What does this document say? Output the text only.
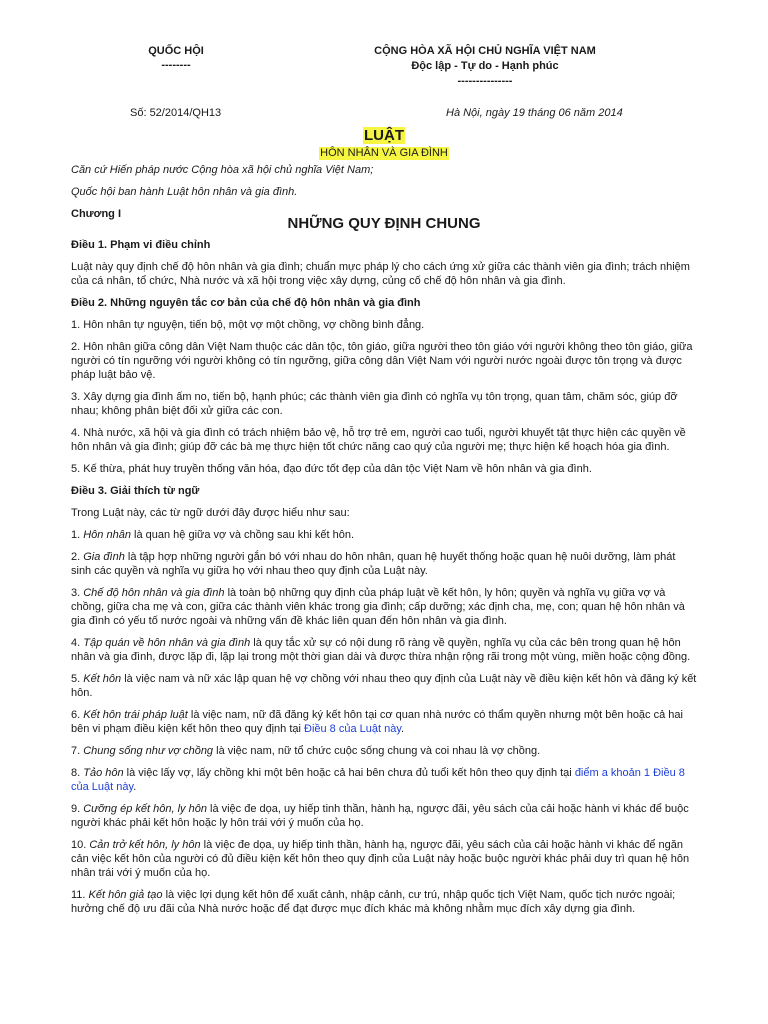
QUỐC HỘI
--------
CỘNG HÒA XÃ HỘI CHỦ NGHĨA VIỆT NAM
Độc lập - Tự do - Hạnh phúc
---------------
Số: 52/2014/QH13	Hà Nội, ngày 19 tháng 06 năm 2014
LUẬT
HÔN NHÂN VÀ GIA ĐÌNH

Căn cứ Hiến pháp nước Cộng hòa xã hội chủ nghĩa Việt Nam;

Quốc hội ban hành Luật hôn nhân và gia đình.

Chương I

NHỮNG QUY ĐỊNH CHUNG

Điều 1. Phạm vi điều chỉnh

Luật này quy định chế độ hôn nhân và gia đình; chuẩn mực pháp lý cho cách ứng xử giữa các thành viên gia đình; trách nhiệm của cá nhân, tổ chức, Nhà nước và xã hội trong việc xây dựng, củng cố chế độ hôn nhân và gia đình.

Điều 2. Những nguyên tắc cơ bản của chế độ hôn nhân và gia đình

1. Hôn nhân tự nguyện, tiến bộ, một vợ một chồng, vợ chồng bình đẳng.

2. Hôn nhân giữa công dân Việt Nam thuộc các dân tộc, tôn giáo, giữa người theo tôn giáo với người không theo tôn giáo, giữa người có tín ngưỡng với người không có tín ngưỡng, giữa công dân Việt Nam với người nước ngoài được tôn trọng và được pháp luật bảo vệ.

3. Xây dựng gia đình ấm no, tiến bộ, hạnh phúc; các thành viên gia đình có nghĩa vụ tôn trọng, quan tâm, chăm sóc, giúp đỡ nhau; không phân biệt đối xử giữa các con.

4. Nhà nước, xã hội và gia đình có trách nhiệm bảo vệ, hỗ trợ trẻ em, người cao tuổi, người khuyết tật thực hiện các quyền về hôn nhân và gia đình; giúp đỡ các bà mẹ thực hiện tốt chức năng cao quý của người mẹ; thực hiện kế hoạch hóa gia đình.

5. Kế thừa, phát huy truyền thống văn hóa, đạo đức tốt đẹp của dân tộc Việt Nam về hôn nhân và gia đình.

Điều 3. Giải thích từ ngữ

Trong Luật này, các từ ngữ dưới đây được hiểu như sau:

1. Hôn nhân là quan hệ giữa vợ và chồng sau khi kết hôn.

2. Gia đình là tập hợp những người gắn bó với nhau do hôn nhân, quan hệ huyết thống hoặc quan hệ nuôi dưỡng, làm phát sinh các quyền và nghĩa vụ giữa họ với nhau theo quy định của Luật này.

3. Chế độ hôn nhân và gia đình là toàn bộ những quy định của pháp luật về kết hôn, ly hôn; quyền và nghĩa vụ giữa vợ và chồng, giữa cha mẹ và con, giữa các thành viên khác trong gia đình; cấp dưỡng; xác định cha, mẹ, con; quan hệ hôn nhân và gia đình có yếu tố nước ngoài và những vấn đề khác liên quan đến hôn nhân và gia đình.

4. Tập quán về hôn nhân và gia đình là quy tắc xử sự có nội dung rõ ràng về quyền, nghĩa vụ của các bên trong quan hệ hôn nhân và gia đình, được lặp đi, lặp lại trong một thời gian dài và được thừa nhận rộng rãi trong một vùng, miền hoặc cộng đồng.

5. Kết hôn là việc nam và nữ xác lập quan hệ vợ chồng với nhau theo quy định của Luật này về điều kiện kết hôn và đăng ký kết hôn.

6. Kết hôn trái pháp luật là việc nam, nữ đã đăng ký kết hôn tại cơ quan nhà nước có thẩm quyền nhưng một bên hoặc cả hai bên vi phạm điều kiện kết hôn theo quy định tại Điều 8 của Luật này.

7. Chung sống như vợ chồng là việc nam, nữ tổ chức cuộc sống chung và coi nhau là vợ chồng.

8. Tảo hôn là việc lấy vợ, lấy chồng khi một bên hoặc cả hai bên chưa đủ tuổi kết hôn theo quy định tại điểm a khoản 1 Điều 8 của Luật này.

9. Cưỡng ép kết hôn, ly hôn là việc đe dọa, uy hiếp tinh thần, hành hạ, ngược đãi, yêu sách của cải hoặc hành vi khác để buộc người khác phải kết hôn hoặc ly hôn trái với ý muốn của họ.

10. Cản trở kết hôn, ly hôn là việc đe dọa, uy hiếp tinh thần, hành hạ, ngược đãi, yêu sách của cải hoặc hành vi khác để ngăn cản việc kết hôn của người có đủ điều kiện kết hôn theo quy định của Luật này hoặc buộc người khác phải duy trì quan hệ hôn nhân trái với ý muốn của họ.

11. Kết hôn giả tạo là việc lợi dụng kết hôn để xuất cảnh, nhập cảnh, cư trú, nhập quốc tịch Việt Nam, quốc tịch nước ngoài; hưởng chế độ ưu đãi của Nhà nước hoặc để đạt được mục đích khác mà không nhằm mục đích xây dựng gia đình.
